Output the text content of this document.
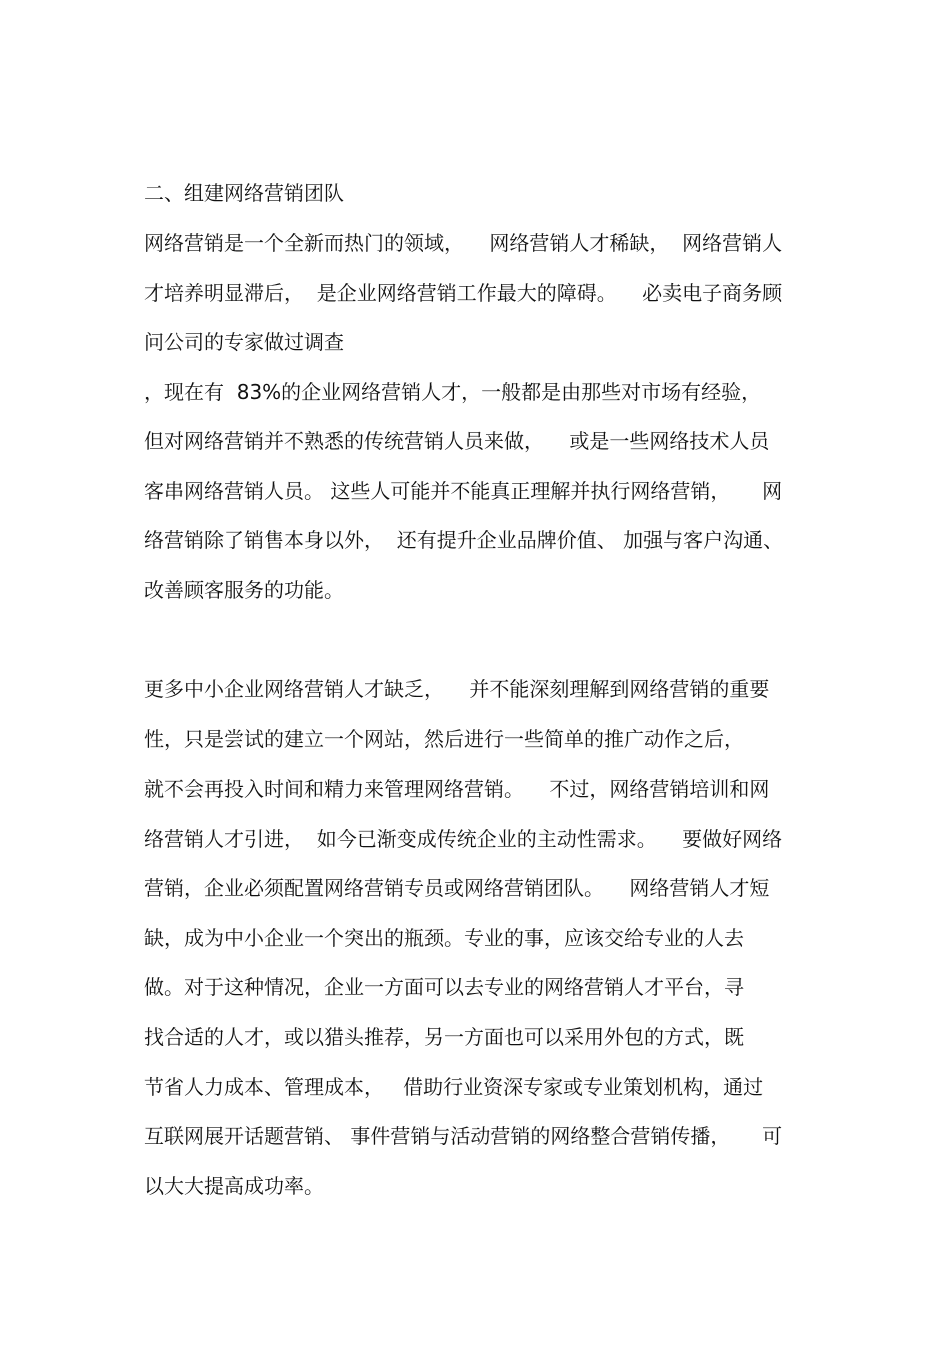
二、组建网络营销团队
网络营销是一个全新而热门的领域，    网络营销人才稀缺，  网络营销人
才培养明显滞后，  是企业网络营销工作最大的障碍。    必卖电子商务顾
问公司的专家做过调查
，现在有  83%的企业网络营销人才，一般都是由那些对市场有经验，
但对网络营销并不熟悉的传统营销人员来做，    或是一些网络技术人员
客串网络营销人员。 这些人可能并不能真正理解并执行网络营销，     网
络营销除了销售本身以外，  还有提升企业品牌价值、 加强与客户沟通、
改善顾客服务的功能。
更多中小企业网络营销人才缺乏，    并不能深刻理解到网络营销的重要
性，只是尝试的建立一个网站，然后进行一些简单的推广动作之后，
就不会再投入时间和精力来管理网络营销。    不过，网络营销培训和网
络营销人才引进，  如今已渐变成传统企业的主动性需求。    要做好网络
营销，企业必须配置网络营销专员或网络营销团队。    网络营销人才短
缺，成为中小企业一个突出的瓶颈。专业的事，应该交给专业的人去
做。对于这种情况，企业一方面可以去专业的网络营销人才平台，寻
找合适的人才，或以猎头推荐，另一方面也可以采用外包的方式，既
节省人力成本、管理成本，   借助行业资深专家或专业策划机构，通过
互联网展开话题营销、 事件营销与活动营销的网络整合营销传播，     可
以大大提高成功率。
